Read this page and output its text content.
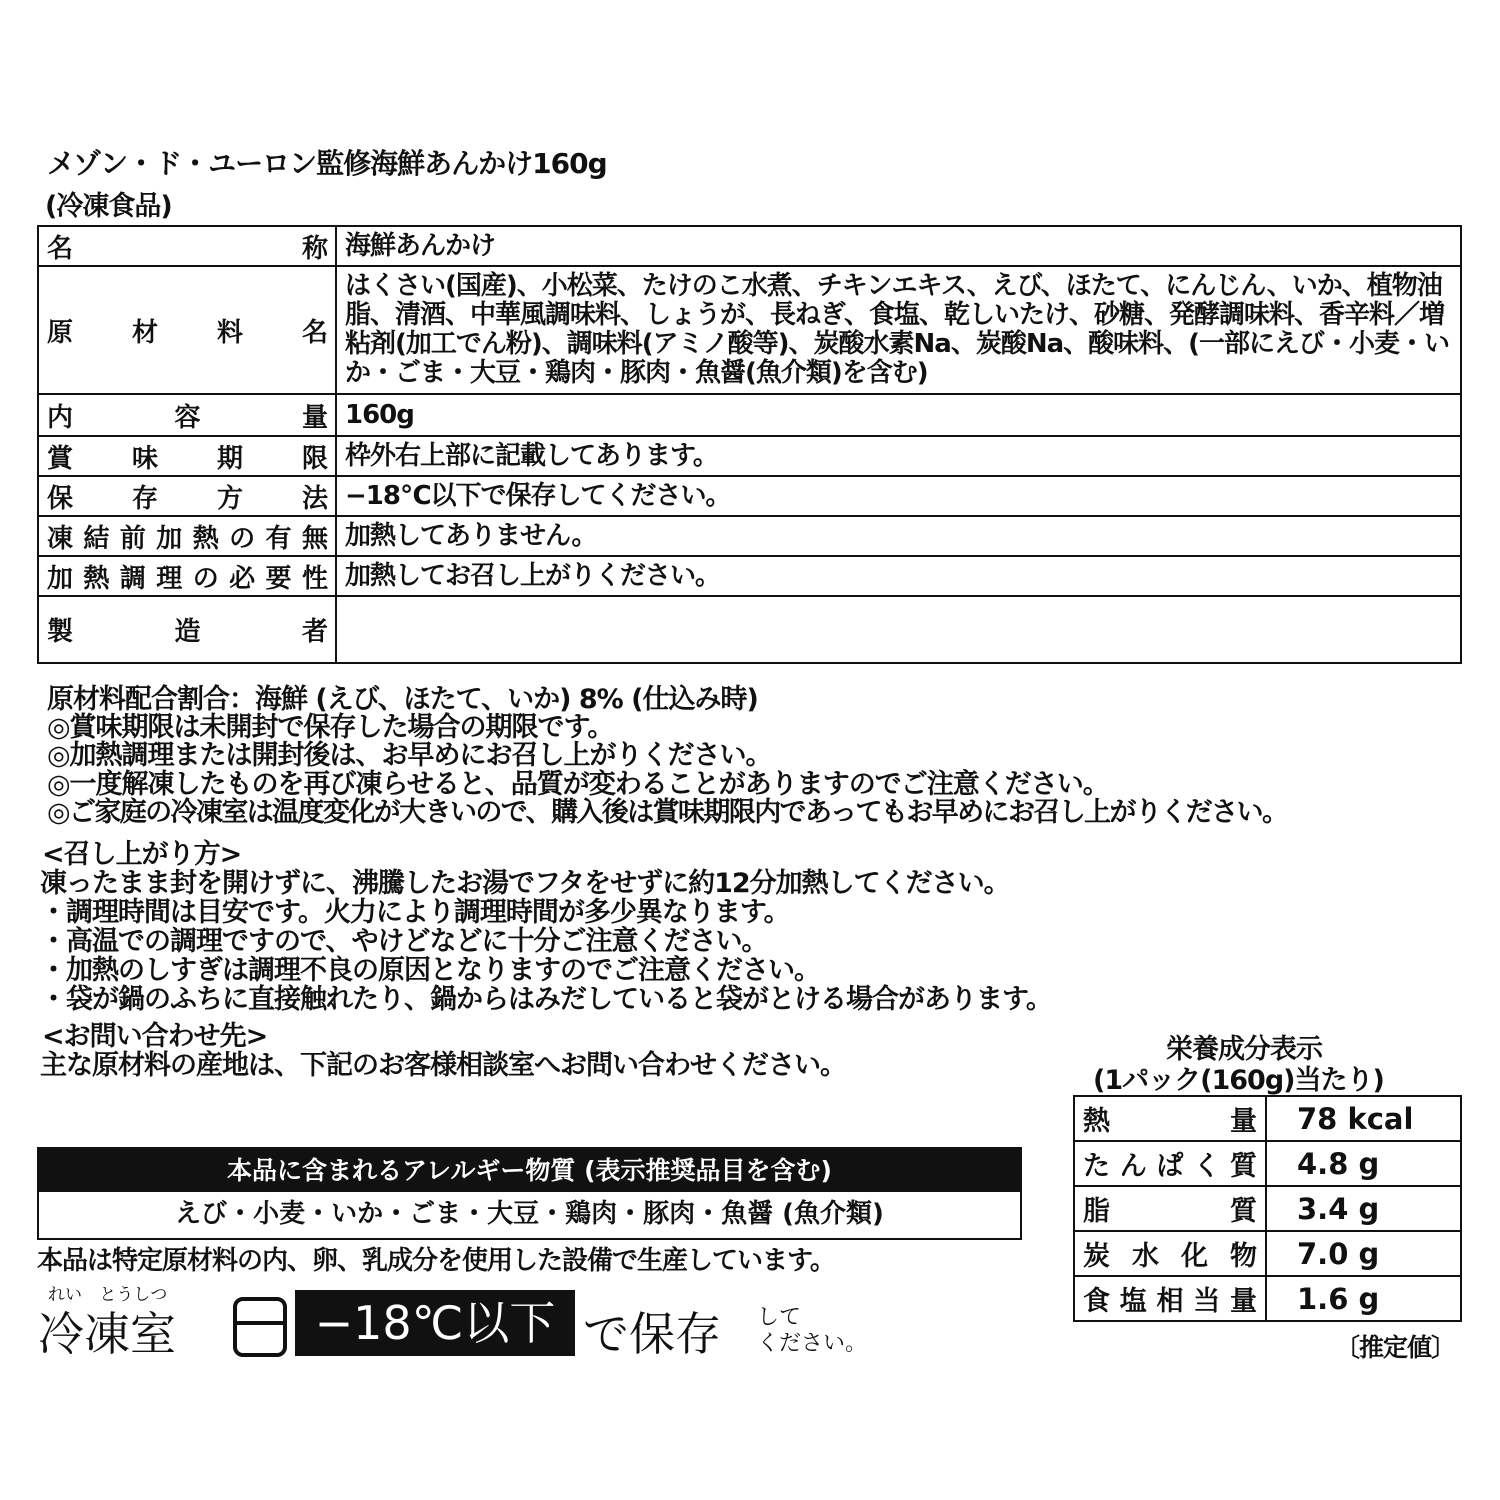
メゾン・ド・ユーロン監修海鮮あんかけ160g
(冷凍食品)
名称	海鮮あんかけ
原材料名	はくさい(国産)、小松菜、たけのこ水煮、チキンエキス、えび、ほたて、にんじん、いか、植物油脂、清酒、中華風調味料、しょうが、長ねぎ、食塩、乾しいたけ、砂糖、発酵調味料、香辛料／増粘剤(加工でん粉)、調味料(アミノ酸等)、炭酸水素Na、炭酸Na、酸味料、(一部にえび・小麦・いか・ごま・大豆・鶏肉・豚肉・魚醤(魚介類)を含む)
内容量	160g
賞味期限	枠外右上部に記載してあります。
保存方法	−18℃以下で保存してください。
凍結前加熱の有無	加熱してありません。
加熱調理の必要性	加熱してお召し上がりください。
製造者	
原材料配合割合：海鮮 (えび、ほたて、いか) 8% (仕込み時)
◎賞味期限は未開封で保存した場合の期限です。
◎加熱調理または開封後は、お早めにお召し上がりください。
◎一度解凍したものを再び凍らせると、品質が変わることがありますのでご注意ください。
◎ご家庭の冷凍室は温度変化が大きいので、購入後は賞味期限内であってもお早めにお召し上がりください。
<召し上がり方>
凍ったまま封を開けずに、沸騰したお湯でフタをせずに約12分加熱してください。
・調理時間は目安です。火力により調理時間が多少異なります。
・高温での調理ですので、やけどなどに十分ご注意ください。
・加熱のしすぎは調理不良の原因となりますのでご注意ください。
・袋が鍋のふちに直接触れたり、鍋からはみだしていると袋がとける場合があります。
<お問い合わせ先>
主な原材料の産地は、下記のお客様相談室へお問い合わせください。
栄養成分表示
(1パック(160g)当たり)
熱量	78 kcal
たんぱく質	4.8 g
脂質	3.4 g
炭水化物	7.0 g
食塩相当量	1.6 g
〔推定値〕
本品に含まれるアレルギー物質 (表示推奨品目を含む)
えび・小麦・いか・ごま・大豆・鶏肉・豚肉・魚醤 (魚介類)
本品は特定原材料の内、卵、乳成分を使用した設備で生産しています。
れい とうしつ
冷凍室	−18℃以下 で保存 して
ください。
